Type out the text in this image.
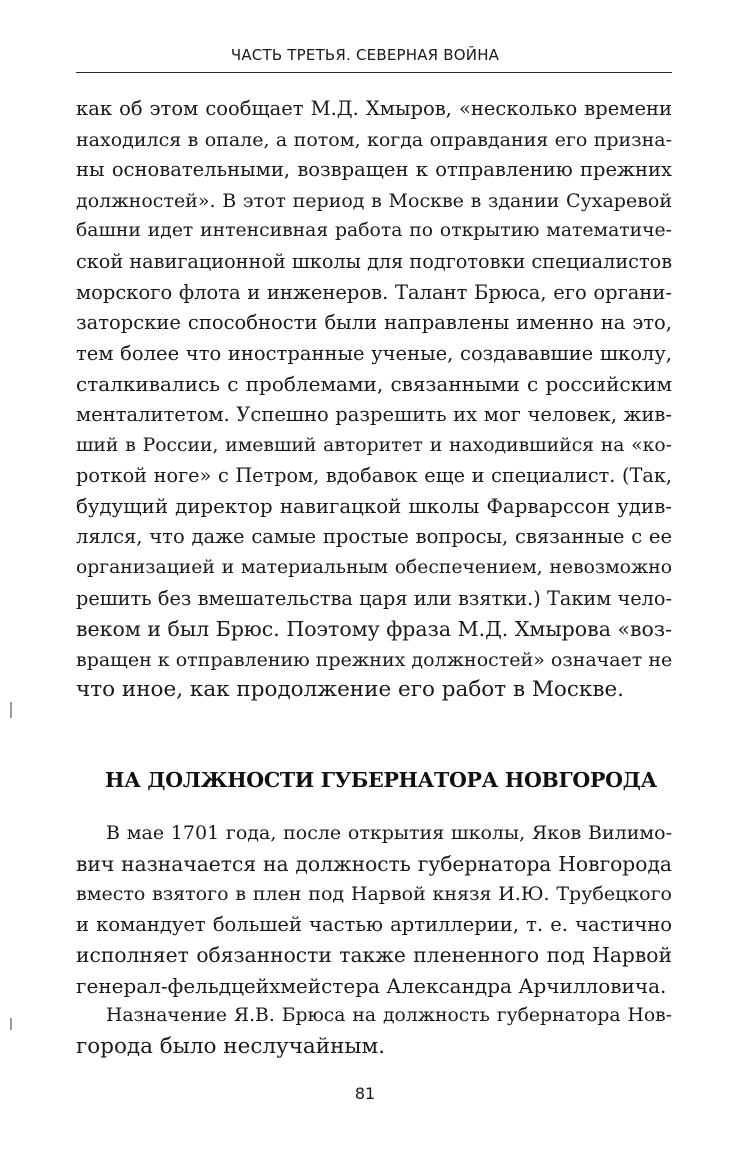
ЧАСТЬ ТРЕТЬЯ. СЕВЕРНАЯ ВОЙНА
как об этом сообщает М.Д. Хмыров, «несколько времени
находился в опале, а потом, когда оправдания его призна-
ны основательными, возвращен к отправлению прежних
должностей». В этот период в Москве в здании Сухаревой
башни идет интенсивная работа по открытию математиче-
ской навигационной школы для подготовки специалистов
морского флота и инженеров. Талант Брюса, его органи-
заторские способности были направлены именно на это,
тем более что иностранные ученые, создававшие школу,
сталкивались с проблемами, связанными с российским
менталитетом. Успешно разрешить их мог человек, жив-
ший в России, имевший авторитет и находившийся на «ко-
роткой ноге» с Петром, вдобавок еще и специалист. (Так,
будущий директор навигацкой школы Фарварссон удив-
лялся, что даже самые простые вопросы, связанные с ее
организацией и материальным обеспечением, невозможно
решить без вмешательства царя или взятки.) Таким чело-
веком и был Брюс. Поэтому фраза М.Д. Хмырова «воз-
вращен к отправлению прежних должностей» означает не
что иное, как продолжение его работ в Москве.
НА ДОЛЖНОСТИ ГУБЕРНАТОРА НОВГОРОДА
В мае 1701 года, после открытия школы, Яков Вилимо-
вич назначается на должность губернатора Новгорода
вместо взятого в плен под Нарвой князя И.Ю. Трубецкого
и командует большей частью артиллерии, т. е. частично
исполняет обязанности также плененного под Нарвой
генерал-фельдцейхмейстера Александра Арчилловича.
Назначение Я.В. Брюса на должность губернатора Нов-
города было неслучайным.
81
